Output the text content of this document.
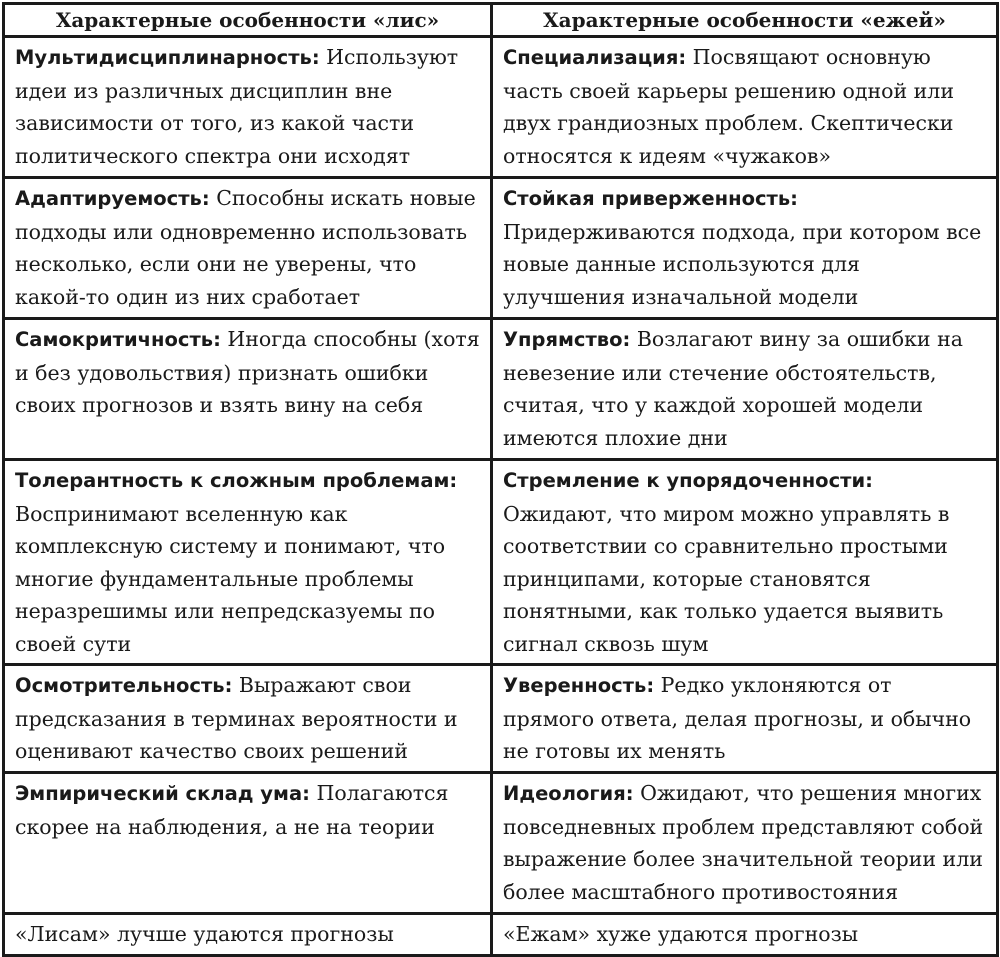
Характерные особенности «лис»	Характерные особенности «ежей»
Мультидисциплинарность: Используют идеи из различных дисциплин вне зависимости от того, из какой части политического спектра они исходят	Специализация: Посвящают основную часть своей карьеры решению одной или двух грандиозных проблем. Скептически относятся к идеям «чужаков»
Адаптируемость: Способны искать новые подходы или одновременно использовать несколько, если они не уверены, что какой-то один из них сработает	Стойкая приверженность: Придерживаются подхода, при котором все новые данные используются для улучшения изначальной модели
Самокритичность: Иногда способны (хотя и без удовольствия) признать ошибки своих прогнозов и взять вину на себя	Упрямство: Возлагают вину за ошибки на невезение или стечение обстоятельств, считая, что у каждой хорошей модели имеются плохие дни
Толерантность к сложным проблемам: Воспринимают вселенную как комплексную систему и понимают, что многие фундаментальные проблемы неразрешимы или непредсказуемы по своей сути	Стремление к упорядоченности: Ожидают, что миром можно управлять в соответствии со сравнительно простыми принципами, которые становятся понятными, как только удается выявить сигнал сквозь шум
Осмотрительность: Выражают свои предсказания в терминах вероятности и оценивают качество своих решений	Уверенность: Редко уклоняются от прямого ответа, делая прогнозы, и обычно не готовы их менять
Эмпирический склад ума: Полагаются скорее на наблюдения, а не на теории	Идеология: Ожидают, что решения многих повседневных проблем представляют собой выражение более значительной теории или более масштабного противостояния
«Лисам» лучше удаются прогнозы	«Ежам» хуже удаются прогнозы
